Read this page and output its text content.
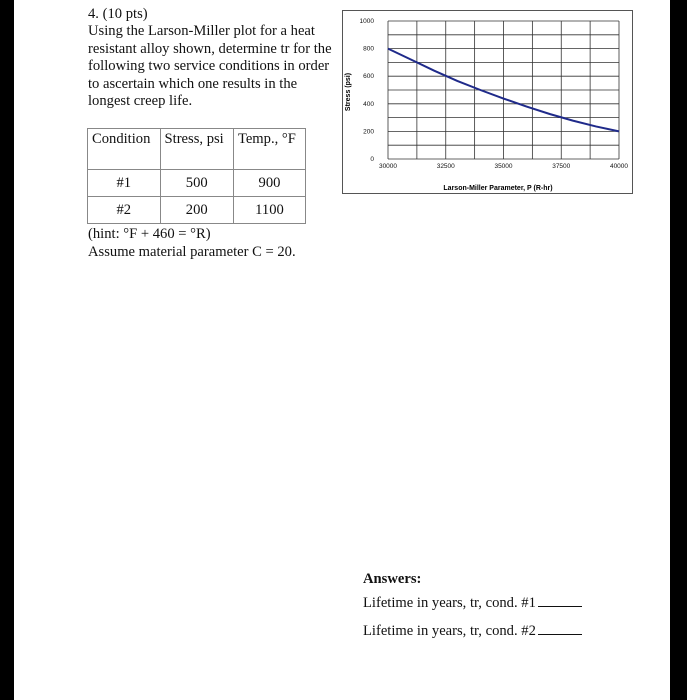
4. (10 pts)
Using the Larson-Miller plot for a heat resistant alloy shown, determine tr for the following two service conditions in order to ascertain which one results in the longest creep life.
Condition	Stress, psi	Temp., °F
#1	500	900
#2	200	1100
(hint: °F + 460 = °R)
Assume material parameter C = 20.
0
200
400
600
800
1000
30000	32500	35000	37500	40000
Stress (psi)
Larson-Miller Parameter, P (R-hr)
Answers:
Lifetime in years, tr, cond. #1
Lifetime in years, tr, cond. #2
